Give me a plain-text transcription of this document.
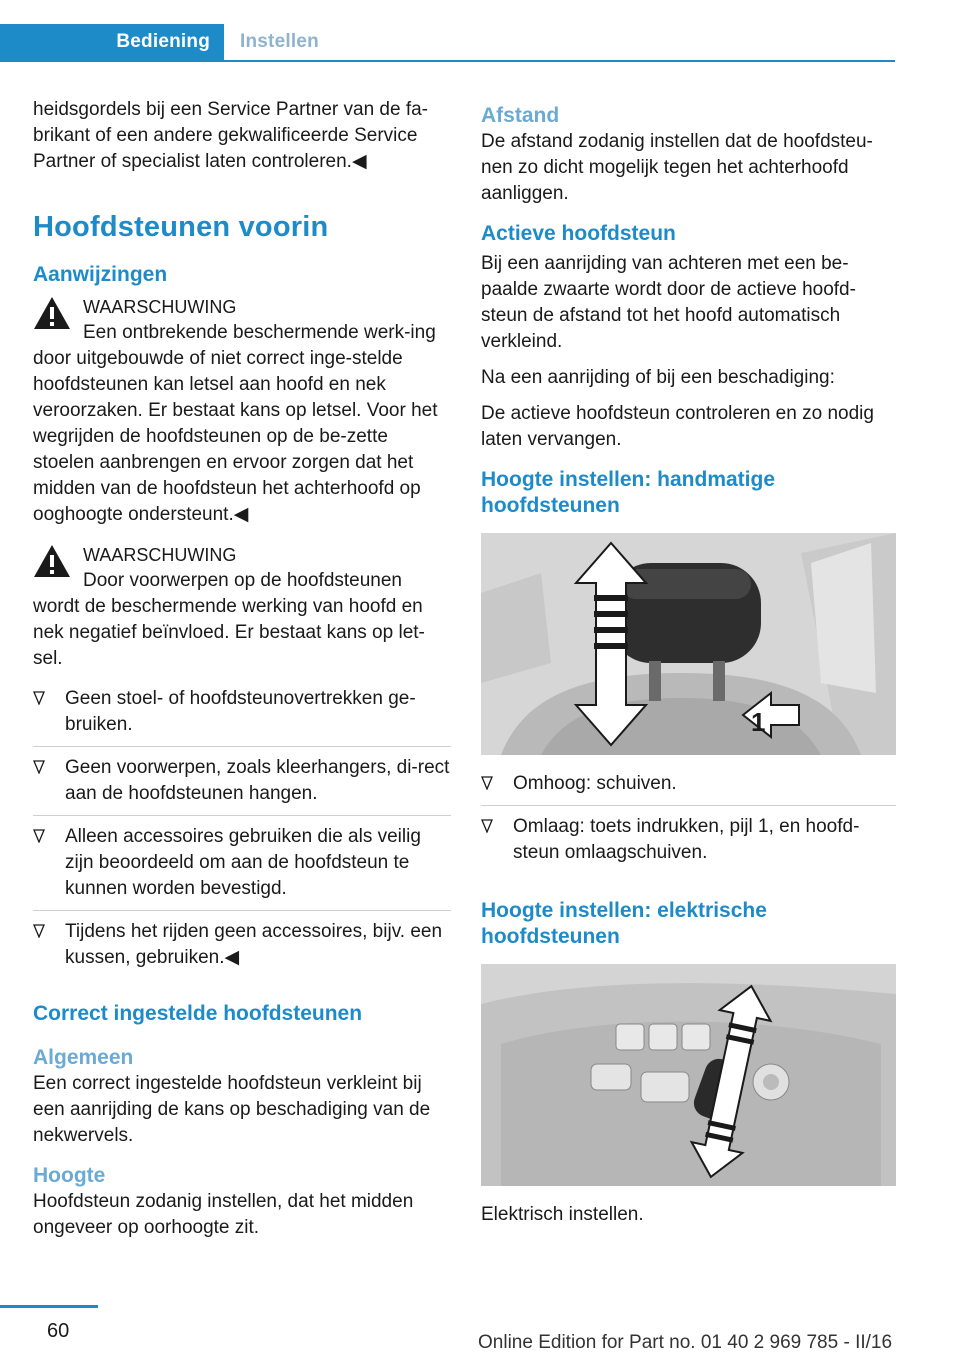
Bediening	Instellen

heidsgordels bij een Service Partner van de fa-brikant of een andere gekwalificeerde Service Partner of specialist laten controleren.◀

Hoofdsteunen voorin
Aanwijzingen
WAARSCHUWING

Een ontbrekende beschermende werk-ing door uitgebouwde of niet correct inge-stelde hoofdsteunen kan letsel aan hoofd en nek veroorzaken. Er bestaat kans op letsel. Voor het wegrijden de hoofdsteunen op de be-zette stoelen aanbrengen en ervoor zorgen dat het midden van de hoofdsteun het achterhoofd op ooghoogte ondersteunt.◀

WAARSCHUWING

Door voorwerpen op de hoofdsteunen wordt de beschermende werking van hoofd en nek negatief beïnvloed. Er bestaat kans op let-sel.

Geen stoel- of hoofdsteunovertrekken ge-bruiken.
Geen voorwerpen, zoals kleerhangers, di-rect aan de hoofdsteunen hangen.
Alleen accessoires gebruiken die als veilig zijn beoordeeld om aan de hoofdsteun te kunnen worden bevestigd.
Tijdens het rijden geen accessoires, bijv. een kussen, gebruiken.◀
Correct ingestelde hoofdsteunen
Algemeen

Een correct ingestelde hoofdsteun verkleint bij een aanrijding de kans op beschadiging van de nekwervels.

Hoogte

Hoofdsteun zodanig instellen, dat het midden ongeveer op oorhoogte zit.

Afstand

De afstand zodanig instellen dat de hoofdsteu-nen zo dicht mogelijk tegen het achterhoofd aanliggen.

Actieve hoofdsteun

Bij een aanrijding van achteren met een be-paalde zwaarte wordt door de actieve hoofd-steun de afstand tot het hoofd automatisch verkleind.

Na een aanrijding of bij een beschadiging:

De actieve hoofdsteun controleren en zo nodig laten vervangen.

Hoogte instellen: handmatige hoofdsteunen
1
Omhoog: schuiven.
Omlaag: toets indrukken, pijl 1, en hoofd-steun omlaagschuiven.
Hoogte instellen: elektrische hoofdsteunen

Elektrisch instellen.

60
Online Edition for Part no. 01 40 2 969 785 - II/16
